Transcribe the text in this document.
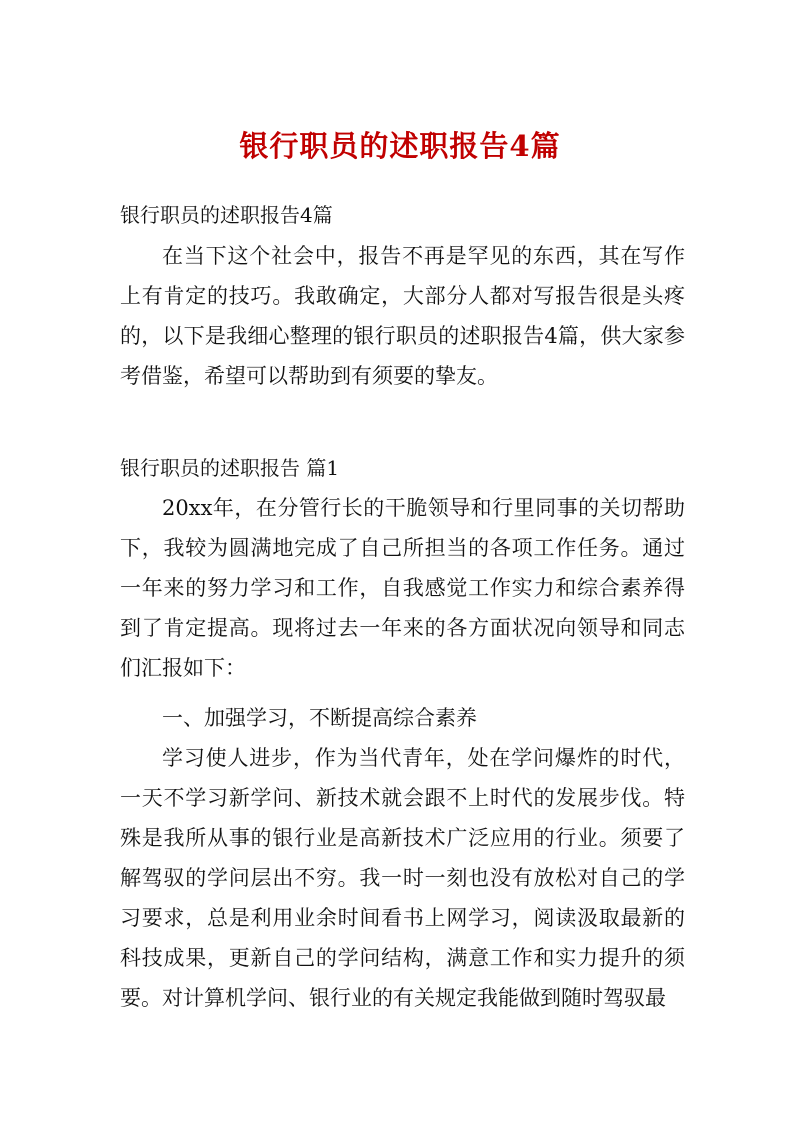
银行职员的述职报告4篇
银行职员的述职报告4篇
在当下这个社会中，报告不再是罕见的东西，其在写作上有肯定的技巧。我敢确定，大部分人都对写报告很是头疼的，以下是我细心整理的银行职员的述职报告4篇，供大家参考借鉴，希望可以帮助到有须要的挚友。
银行职员的述职报告 篇1
20xx年，在分管行长的干脆领导和行里同事的关切帮助下，我较为圆满地完成了自己所担当的各项工作任务。通过一年来的努力学习和工作，自我感觉工作实力和综合素养得到了肯定提高。现将过去一年来的各方面状况向领导和同志们汇报如下：
一、加强学习，不断提高综合素养
学习使人进步，作为当代青年，处在学问爆炸的时代，一天不学习新学问、新技术就会跟不上时代的发展步伐。特殊是我所从事的银行业是高新技术广泛应用的行业。须要了解驾驭的学问层出不穷。我一时一刻也没有放松对自己的学习要求，总是利用业余时间看书上网学习，阅读汲取最新的科技成果，更新自己的学问结构，满意工作和实力提升的须要。对计算机学问、银行业的有关规定我能做到随时驾驭最
